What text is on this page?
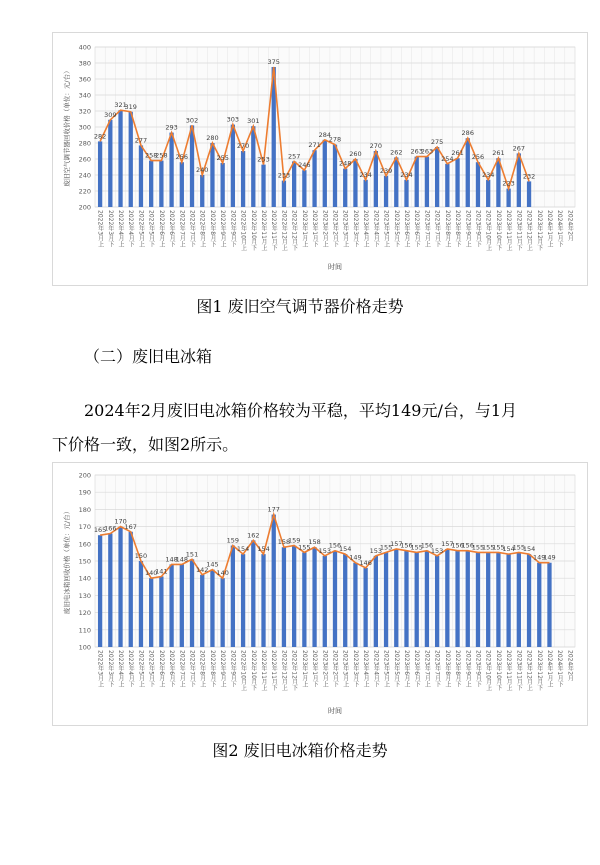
200
220
240
260
280
300
320
340
360
380
400
282
309
321
319
277
258
258
293
256
302
240
280
255
303
270
301
253
375
233
257
246
271
284
278
248
260
234
270
239
262
234
263
263
275
254
261
286
256
234
261
223
267
232
2022年3月上 2022年3月下 2022年4月上 2022年4月下 2022年5月上 2022年5月下 2022年6月上 2022年6月下 2022年7月上 2022年7月下 2022年8月上 2022年8月下 2022年9月上 2022年9月下 2022年10月上 2022年10月下 2022年11月上 2022年11月下 2022年12月上 2022年12月下 2023年1月上 2023年1月下 2023年2月上 2023年2月下 2023年3月上 2023年3月下 2023年4月上 2023年4月下 2023年5月上 2023年5月下 2023年6月上 2023年6月下 2023年7月上 2023年7月下 2023年8月上 2023年8月下 2023年9月上 2023年9月下 2023年10月上 2023年10月下 2023年11月上 2023年11月下 2023年12月上 2023年12月下 2024年1月上 2024年1月下 2024年2月
时间
废旧空气调节器回收价格（单位：元/台）
图1 废旧空气调节器价格走势
（二）废旧电冰箱
2024年2月废旧电冰箱价格较为平稳，平均149元/台，与1月
下价格一致，如图2所示。
100
110
120
130
140
150
160
170
180
190
200
165
166
170
167
150
140
141
148
148
151
142
145
140
159
154
162
154
177
158
159
155
158
153
156
154
149
146
153
155
157
156
155
156
153
157
156
156
155
155
155
154
155
154
149
149
2022年3月上 2022年3月下 2022年4月上 2022年4月下 2022年5月上 2022年5月下 2022年6月上 2022年6月下 2022年7月上 2022年7月下 2022年8月上 2022年8月下 2022年9月上 2022年9月下 2022年10月上 2022年10月下 2022年11月上 2022年11月下 2022年12月上 2022年12月下 2023年1月上 2023年1月下 2023年2月上 2023年2月下 2023年3月上 2023年3月下 2023年4月上 2023年4月下 2023年5月上 2023年5月下 2023年6月上 2023年6月下 2023年7月上 2023年7月下 2023年8月上 2023年8月下 2023年9月上 2023年9月下 2023年10月上 2023年10月下 2023年11月上 2023年11月下 2023年12月上 2023年12月下 2024年1月上 2024年1月下 2024年2月
时间
废旧电冰箱回收价格（单位：元/台）
图2 废旧电冰箱价格走势
